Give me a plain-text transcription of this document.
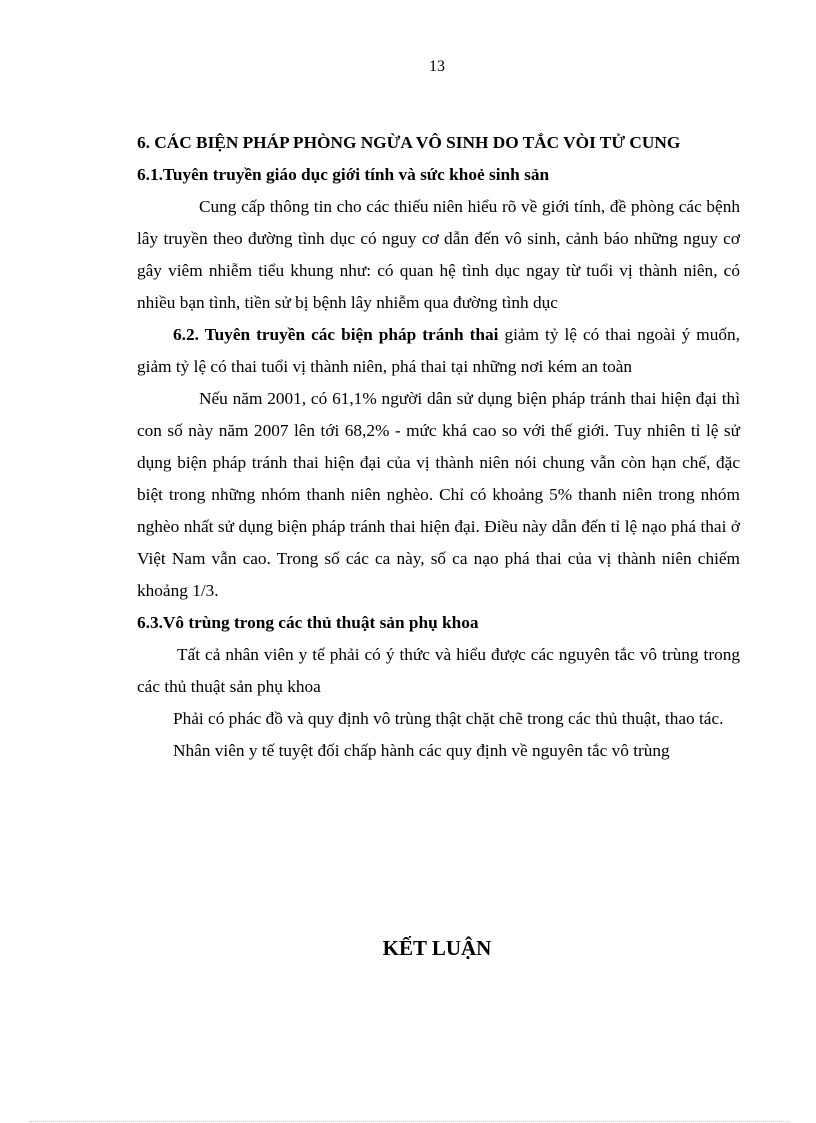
13

6. CÁC BIỆN PHÁP PHÒNG NGỪA VÔ SINH DO TẮC VÒI TỬ CUNG

6.1.Tuyên truyền giáo dục giới tính và sức khoẻ sinh sản

Cung cấp thông tin cho các thiếu niên hiểu rõ về giới tính, đề phòng các bệnh lây truyền theo đường tình dục có nguy cơ dẫn đến vô sinh, cảnh báo những nguy cơ gây viêm nhiễm tiểu khung như: có quan hệ tình dục ngay từ tuổi vị thành niên, có nhiều bạn tình, tiền sử bị bệnh lây nhiễm qua đường tình dục

6.2. Tuyên truyền các biện pháp tránh thai giảm tỷ lệ có thai ngoài ý muốn, giảm tỷ lệ có thai tuổi vị thành niên, phá thai tại những nơi kém an toàn

Nếu năm 2001, có 61,1% người dân sử dụng biện pháp tránh thai hiện đại thì con số này năm 2007 lên tới 68,2% - mức khá cao so với thế giới. Tuy nhiên tỉ lệ sử dụng biện pháp tránh thai hiện đại của vị thành niên nói chung vẫn còn hạn chế, đặc biệt trong những nhóm thanh niên nghèo. Chỉ có khoảng 5% thanh niên trong nhóm nghèo nhất sử dụng biện pháp tránh thai hiện đại. Điều này dẫn đến tỉ lệ nạo phá thai ở Việt Nam vẫn cao. Trong số các ca này, số ca nạo phá thai của vị thành niên chiếm khoảng 1/3.

6.3.Vô trùng trong các thủ thuật sản phụ khoa

Tất cả nhân viên y tế phải có ý thức và hiểu được các nguyên tắc vô trùng trong các thủ thuật sản phụ khoa

Phải có phác đồ và quy định vô trùng thật chặt chẽ trong các thủ thuật, thao tác.

Nhân viên y tế tuyệt đối chấp hành các quy định về nguyên tắc vô trùng

KẾT LUẬN
